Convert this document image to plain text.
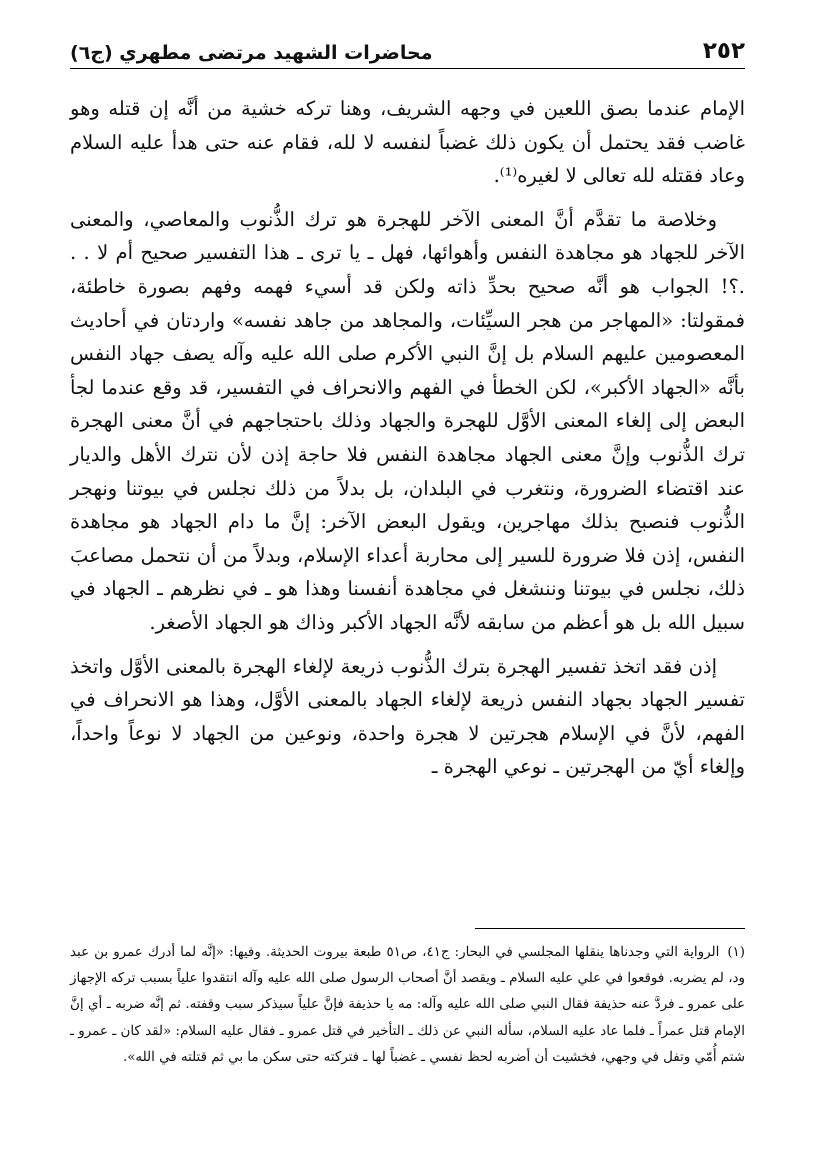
٢٥٢
محاضرات الشهيد مرتضى مطهري (ج٦)

الإمام عندما بصق اللعين في وجهه الشريف، وهنا تركه خشية من أنَّه إن قتله وهو غاضب فقد يحتمل أن يكون ذلك غضباً لنفسه لا لله، فقام عنه حتى هدأ عليه السلام وعاد فقتله لله تعالى لا لغيره⁽¹⁾.

وخلاصة ما تقدَّم أنَّ المعنى الآخر للهجرة هو ترك الذُّنوب والمعاصي، والمعنى الآخر للجهاد هو مجاهدة النفس وأهوائها، فهل ـ يا ترى ـ هذا التفسير صحيح أم لا . . .؟! الجواب هو أنَّه صحيح بحدِّ ذاته ولكن قد أسيء فهمه وفهم بصورة خاطئة، فمقولتا: «المهاجر من هجر السيِّئات، والمجاهد من جاهد نفسه» واردتان في أحاديث المعصومين عليهم السلام بل إنَّ النبي الأكرم صلى الله عليه وآله يصف جهاد النفس بأنَّه «الجهاد الأكبر»، لكن الخطأ في الفهم والانحراف في التفسير، قد وقع عندما لجأ البعض إلى إلغاء المعنى الأوَّل للهجرة والجهاد وذلك باحتجاجهم في أنَّ معنى الهجرة ترك الذُّنوب وإنَّ معنى الجهاد مجاهدة النفس فلا حاجة إذن لأن نترك الأهل والديار عند اقتضاء الضرورة، ونتغرب في البلدان، بل بدلاً من ذلك نجلس في بيوتنا ونهجر الذُّنوب فنصبح بذلك مهاجرين، ويقول البعض الآخر: إنَّ ما دام الجهاد هو مجاهدة النفس، إذن فلا ضرورة للسير إلى محاربة أعداء الإسلام، وبدلاً من أن نتحمل مصاعبَ ذلك، نجلس في بيوتنا وننشغل في مجاهدة أنفسنا وهذا هو ـ في نظرهم ـ الجهاد في سبيل الله بل هو أعظم من سابقه لأنَّه الجهاد الأكبر وذاك هو الجهاد الأصغر.

إذن فقد اتخذ تفسير الهجرة بترك الذُّنوب ذريعة لإلغاء الهجرة بالمعنى الأوَّل واتخذ تفسير الجهاد بجهاد النفس ذريعة لإلغاء الجهاد بالمعنى الأوَّل، وهذا هو الانحراف في الفهم، لأنَّ في الإسلام هجرتين لا هجرة واحدة، ونوعين من الجهاد لا نوعاً واحداً، وإلغاء أيّ من الهجرتين ـ نوعي الهجرة ـ

(١)الرواية التي وجدناها ينقلها المجلسي في البحار: ج٤١، ص٥١ طبعة بيروت الحديثة. وفيها: «إنَّه لما أدرك عمرو بن عبد ود، لم يضربه. فوقعوا في علي عليه السلام ـ ويقصد أنَّ أصحاب الرسول صلى الله عليه وآله انتقدوا علياً بسبب تركه الإجهاز على عمرو ـ فردَّ عنه حذيفة فقال النبي صلى الله عليه وآله: مه يا حذيفة فإنَّ علياً سيذكر سبب وقفته. ثم إنَّه ضربه ـ أي إنَّ الإمام قتل عمراً ـ فلما عاد عليه السلام، سأله النبي عن ذلك ـ التأخير في قتل عمرو ـ فقال عليه السلام: «لقد كان ـ عمرو ـ شتم أُمّي وتفل في وجهي، فخشيت أن أضربه لحظ نفسي ـ غضباً لها ـ فتركته حتى سكن ما بي ثم قتلته في الله».
